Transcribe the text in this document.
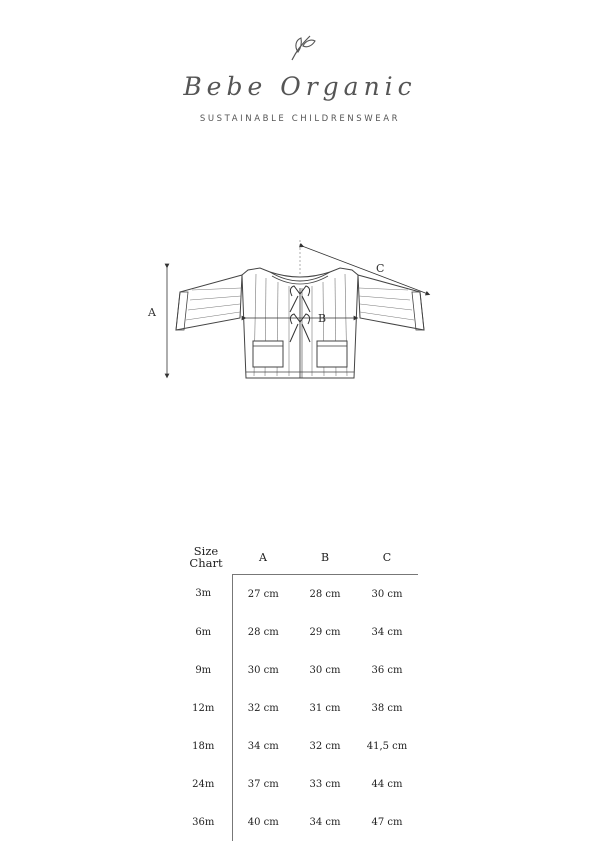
Bebe Organic
SUSTAINABLE CHILDRENSWEAR
A	B
C
Size
Chart	A	B	C
3m	27 cm	28 cm	30 cm
6m	28 cm	29 cm	34 cm
9m	30 cm	30 cm	36 cm
12m	32 cm	31 cm	38 cm
18m	34 cm	32 cm	41,5 cm
24m	37 cm	33 cm	44 cm
36m	40 cm	34 cm	47 cm
